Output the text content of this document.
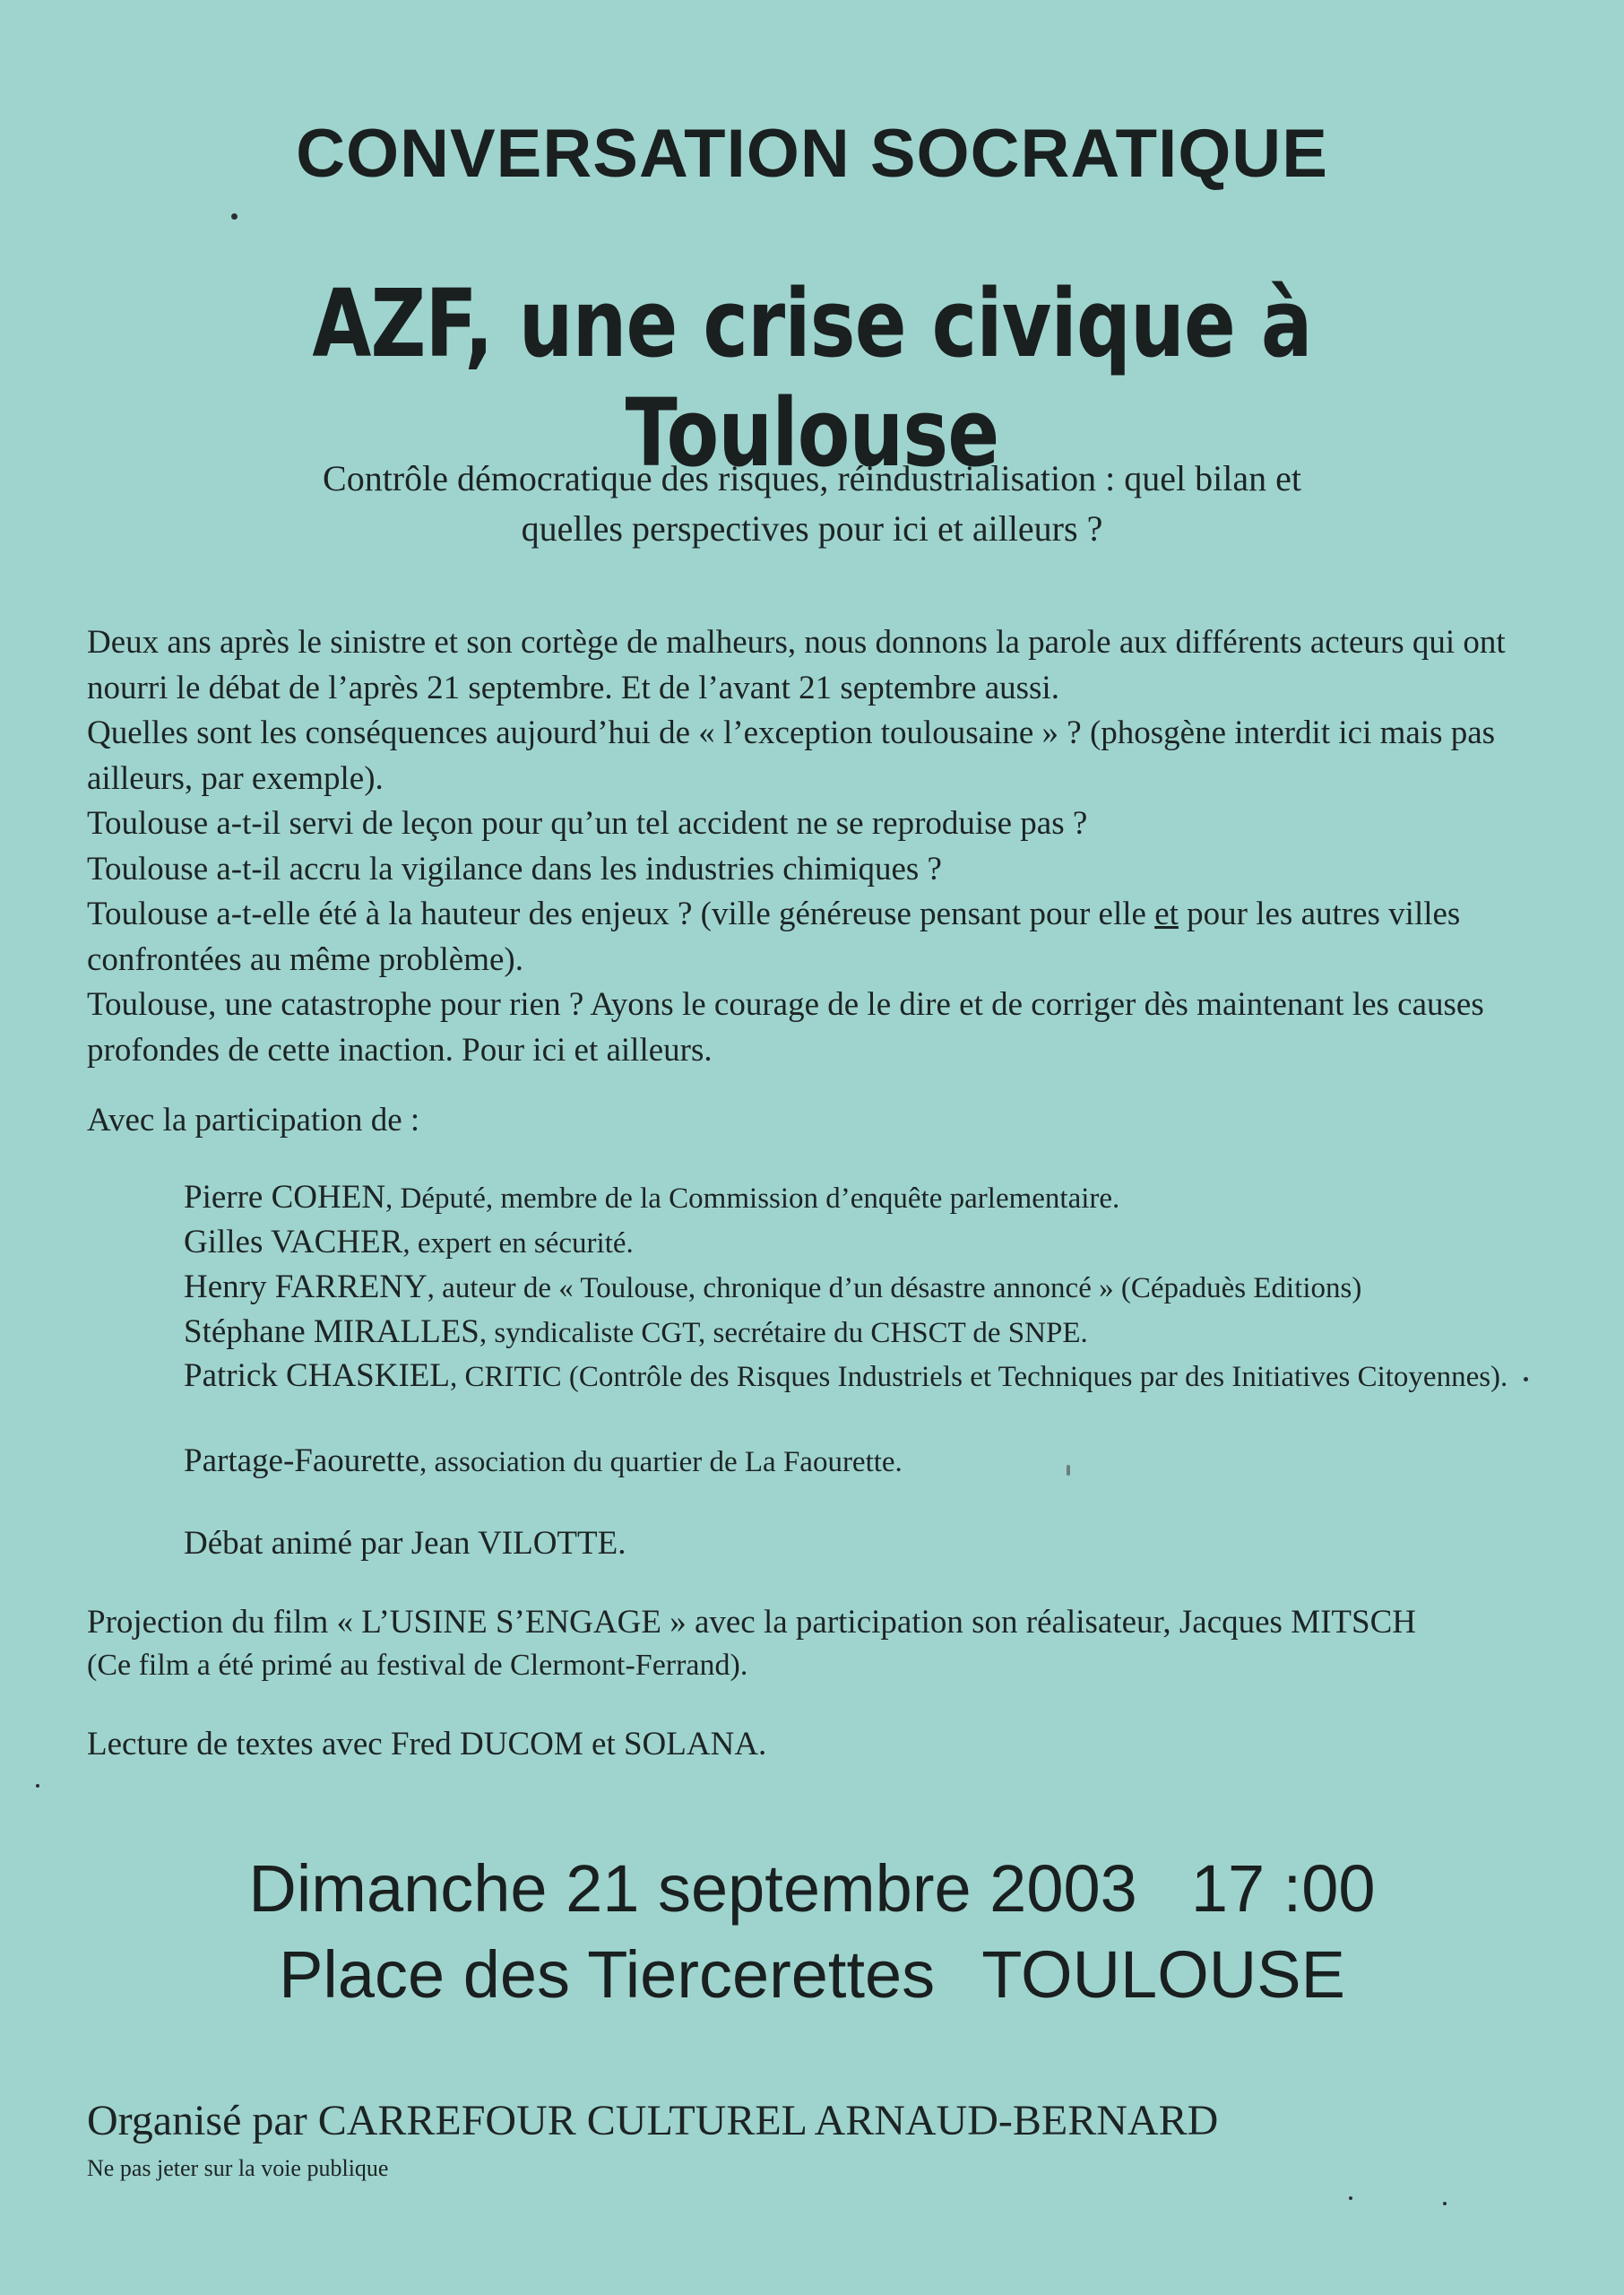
CONVERSATION SOCRATIQUE
AZF, une crise civique à Toulouse
Contrôle démocratique des risques, réindustrialisation : quel bilan et
quelles perspectives pour ici et ailleurs ?

Deux ans après le sinistre et son cortège de malheurs, nous donnons la parole aux différents acteurs qui ont nourri le débat de l’après 21 septembre. Et de l’avant 21 septembre aussi.

Quelles sont les conséquences aujourd’hui de « l’exception toulousaine » ? (phosgène interdit ici mais pas ailleurs, par exemple).

Toulouse a-t-il servi de leçon pour qu’un tel accident ne se reproduise pas ?

Toulouse a-t-il accru la vigilance dans les industries chimiques ?

Toulouse a-t-elle été à la hauteur des enjeux ? (ville généreuse pensant pour elle et pour les autres villes confrontées au même problème).

Toulouse, une catastrophe pour rien ? Ayons le courage de le dire et de corriger dès maintenant les causes profondes de cette inaction. Pour ici et ailleurs.

Avec la participation de :
Pierre COHEN, Député, membre de la Commission d’enquête parlementaire.
Gilles VACHER, expert en sécurité.
Henry FARRENY, auteur de « Toulouse, chronique d’un désastre annoncé » (Cépaduès Editions)
Stéphane MIRALLES, syndicaliste CGT, secrétaire du CHSCT de SNPE.
Patrick CHASKIEL, CRITIC (Contrôle des Risques Industriels et Techniques par des Initiatives Citoyennes).
Partage-Faourette, association du quartier de La Faourette.
Débat animé par Jean VILOTTE.
Projection du film « L’USINE S’ENGAGE » avec la participation son réalisateur, Jacques MITSCH
(Ce film a été primé au festival de Clermont-Ferrand).
Lecture de textes avec Fred DUCOM et SOLANA.
Dimanche 21 septembre 2003 17 :00
Place des Tiercerettes TOULOUSE
Organisé par CARREFOUR CULTUREL ARNAUD-BERNARD
Ne pas jeter sur la voie publique
